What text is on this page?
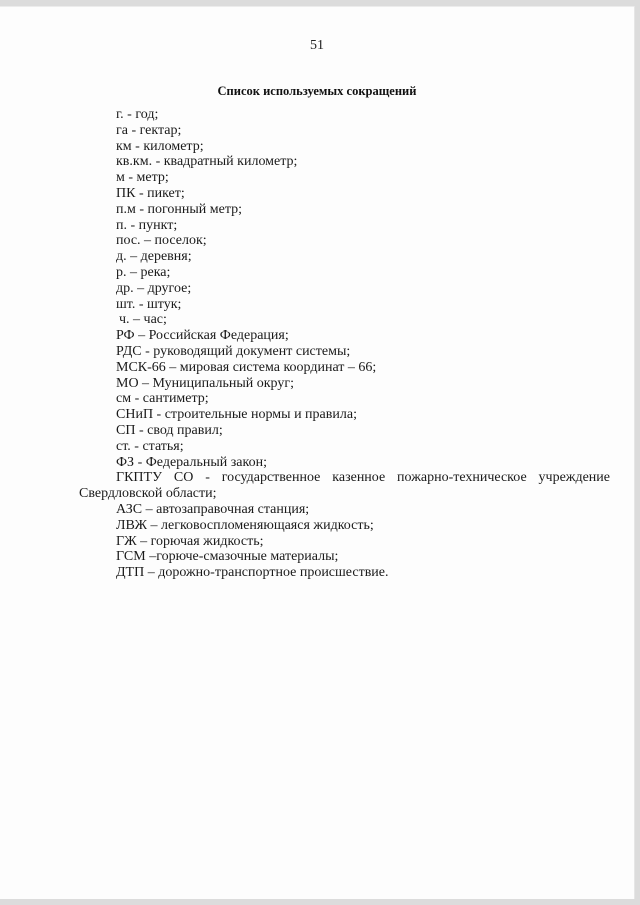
51
Список используемых сокращений
г. - год;
га - гектар;
км - километр;
кв.км. - квадратный километр;
м - метр;
ПК - пикет;
п.м - погонный метр;
п. - пункт;
пос. – поселок;
д. – деревня;
р. – река;
др. – другое;
шт. - штук;
ч. – час;
РФ – Российская Федерация;
РДС - руководящий документ системы;
МСК-66 – мировая система координат – 66;
МО – Муниципальный округ;
см - сантиметр;
СНиП - строительные нормы и правила;
СП - свод правил;
ст. - статья;
ФЗ - Федеральный закон;
ГКПТУ СО - государственное казенное пожарно-техническое учреждение Свердловской области;
АЗС – автозаправочная станция;
ЛВЖ – легковоспломеняющаяся жидкость;
ГЖ – горючая жидкость;
ГСМ –горюче-смазочные материалы;
ДТП – дорожно-транспортное происшествие.
